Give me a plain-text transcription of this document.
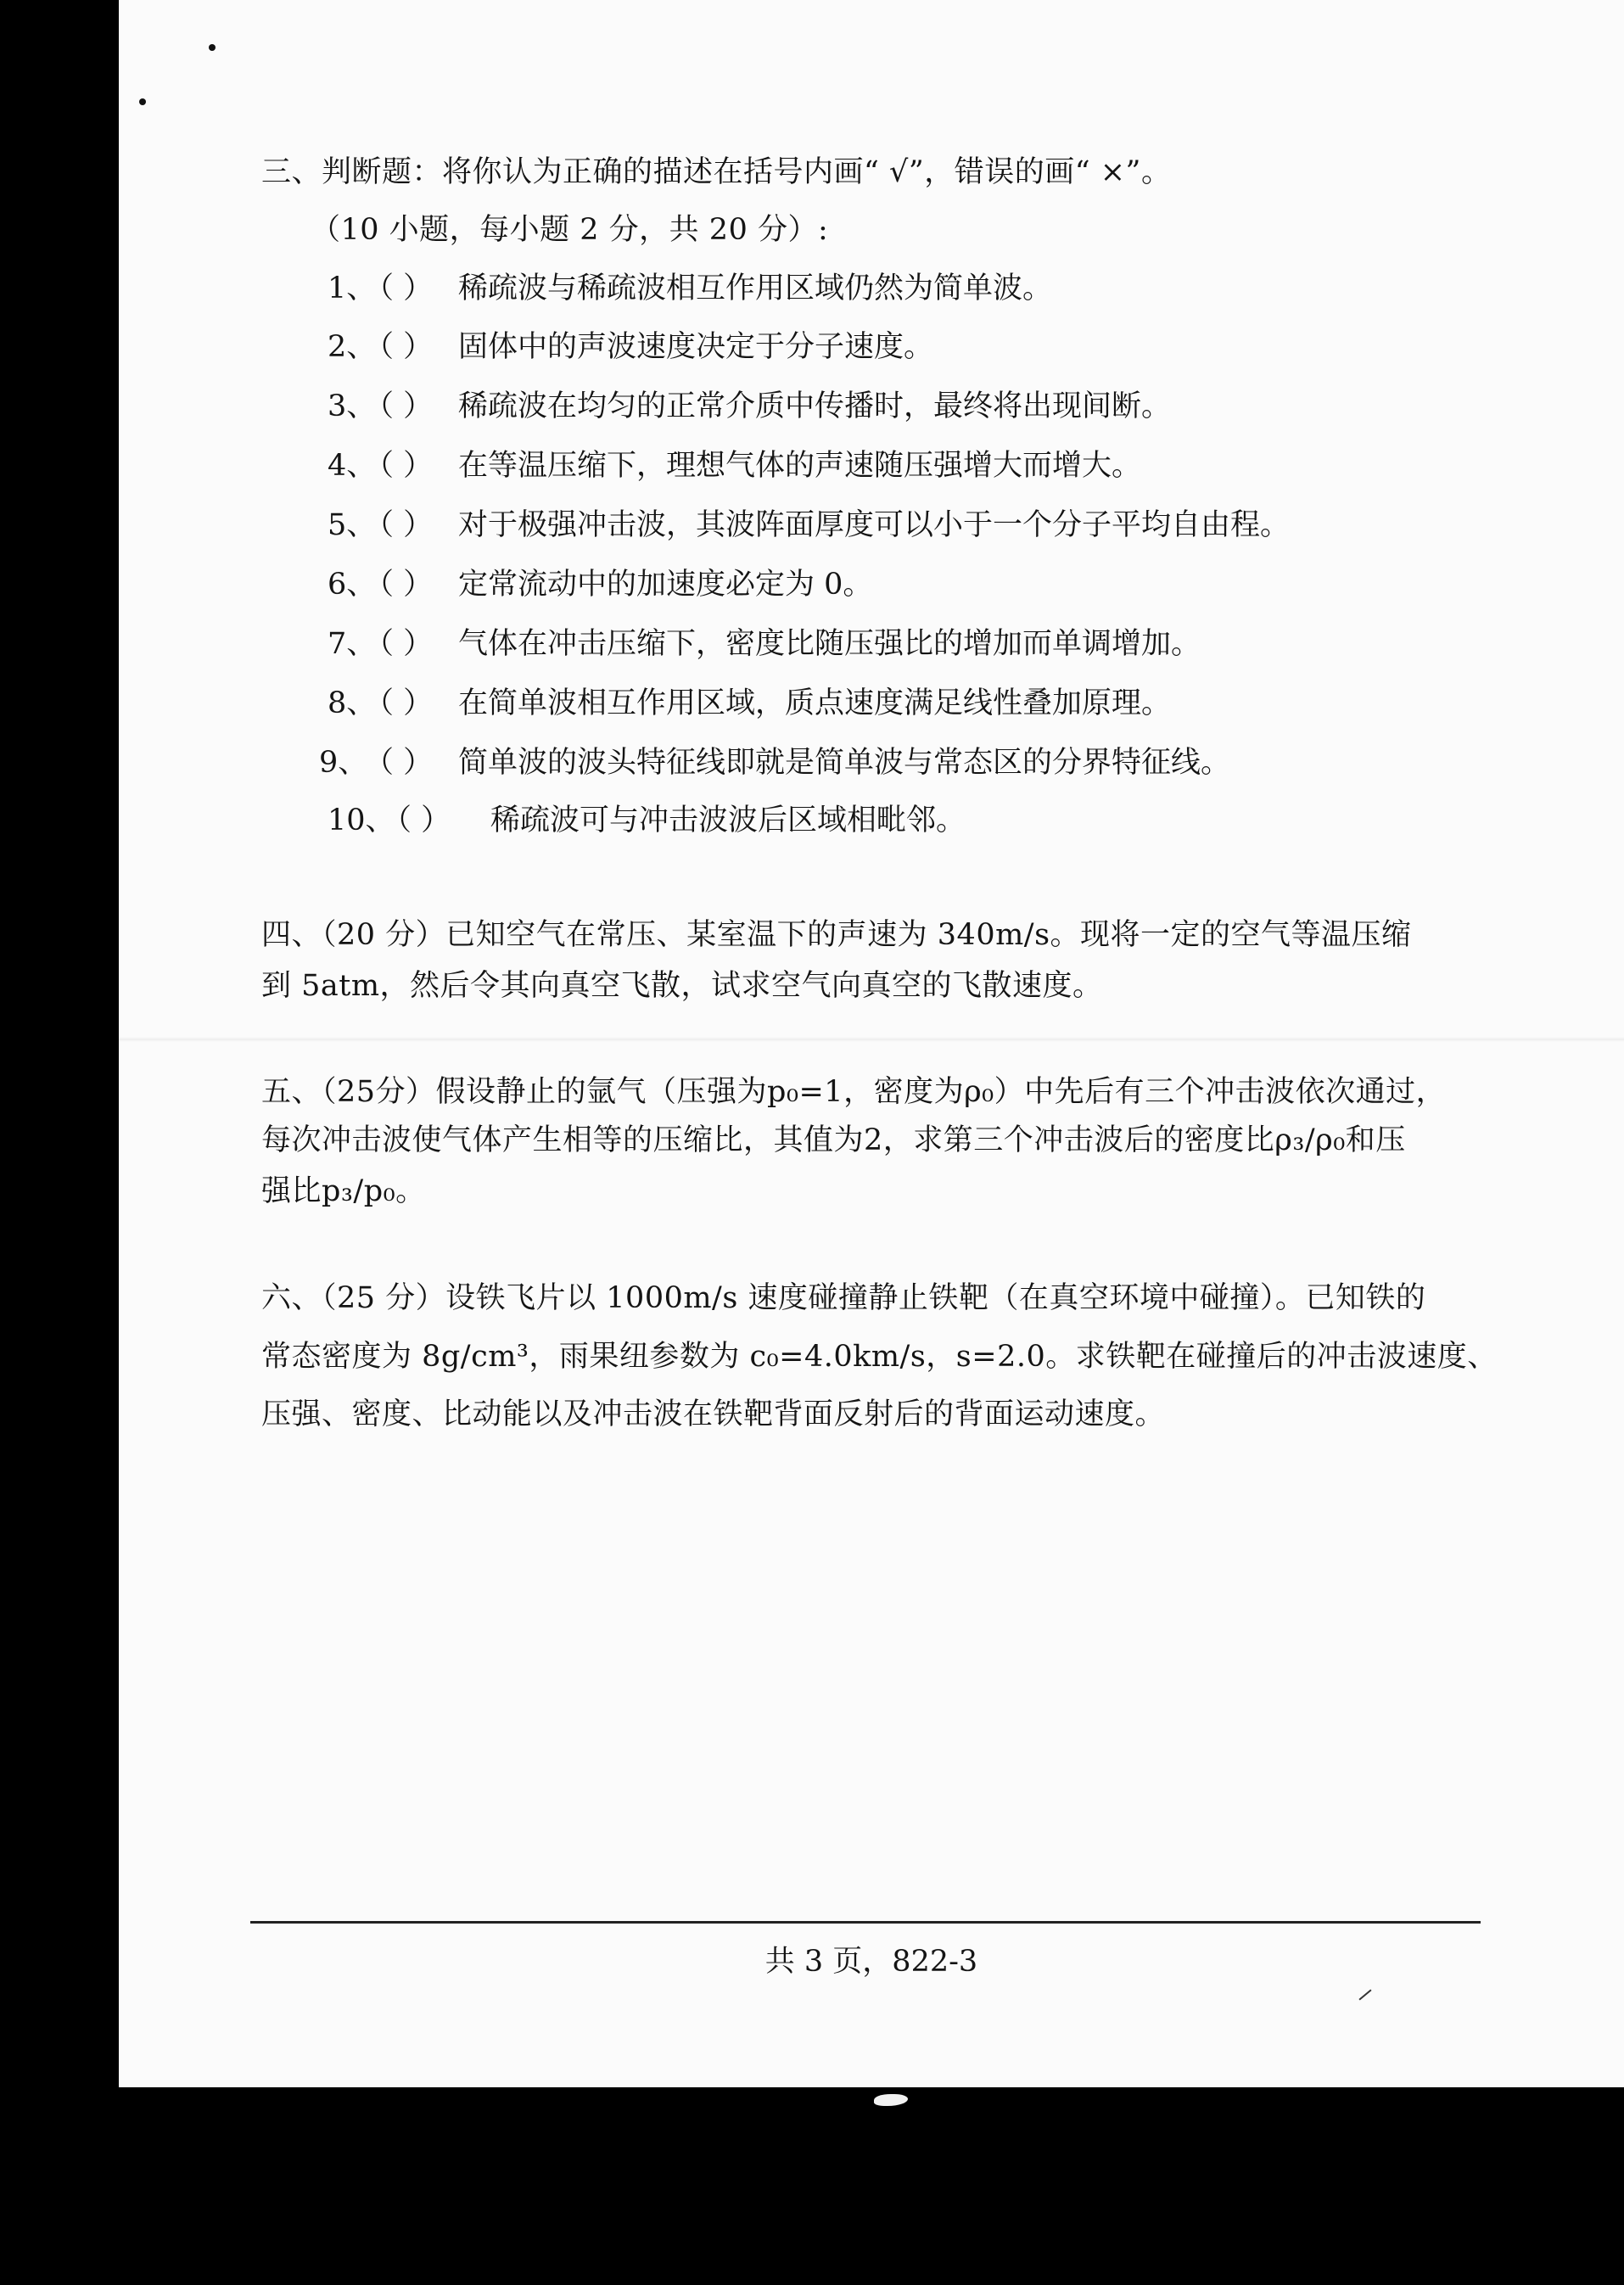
三、判断题：将你认为正确的描述在括号内画“ √”，错误的画“ ×”。
（10 小题，每小题 2 分，共 20 分）:
1、
（ ） 稀疏波与稀疏波相互作用区域仍然为简单波。
2、
（ ） 固体中的声波速度决定于分子速度。
3、
（ ） 稀疏波在均匀的正常介质中传播时，最终将出现间断。
4、
（ ） 在等温压缩下，理想气体的声速随压强增大而增大。
5、
（ ） 对于极强冲击波，其波阵面厚度可以小于一个分子平均自由程。
6、
（ ） 定常流动中的加速度必定为 0。
7、
（ ） 气体在冲击压缩下，密度比随压强比的增加而单调增加。
8、
（ ） 在简单波相互作用区域，质点速度满足线性叠加原理。
9、
（ ） 简单波的波头特征线即就是简单波与常态区的分界特征线。
10、
（ ） 稀疏波可与冲击波波后区域相毗邻。
四、（20 分）已知空气在常压、某室温下的声速为 340m/s。现将一定的空气等温压缩
到 5atm，然后令其向真空飞散，试求空气向真空的飞散速度。
五、（25分）假设静止的氩气（压强为p₀=1，密度为ρ₀）中先后有三个冲击波依次通过，
每次冲击波使气体产生相等的压缩比，其值为2，求第三个冲击波后的密度比ρ₃/ρ₀和压
强比p₃/p₀。
六、（25 分）设铁飞片以 1000m/s 速度碰撞静止铁靶（在真空环境中碰撞）。已知铁的
常态密度为 8g/cm³，雨果纽参数为 c₀=4.0km/s，s=2.0。求铁靶在碰撞后的冲击波速度、
压强、密度、比动能以及冲击波在铁靶背面反射后的背面运动速度。
共 3 页，822-3
